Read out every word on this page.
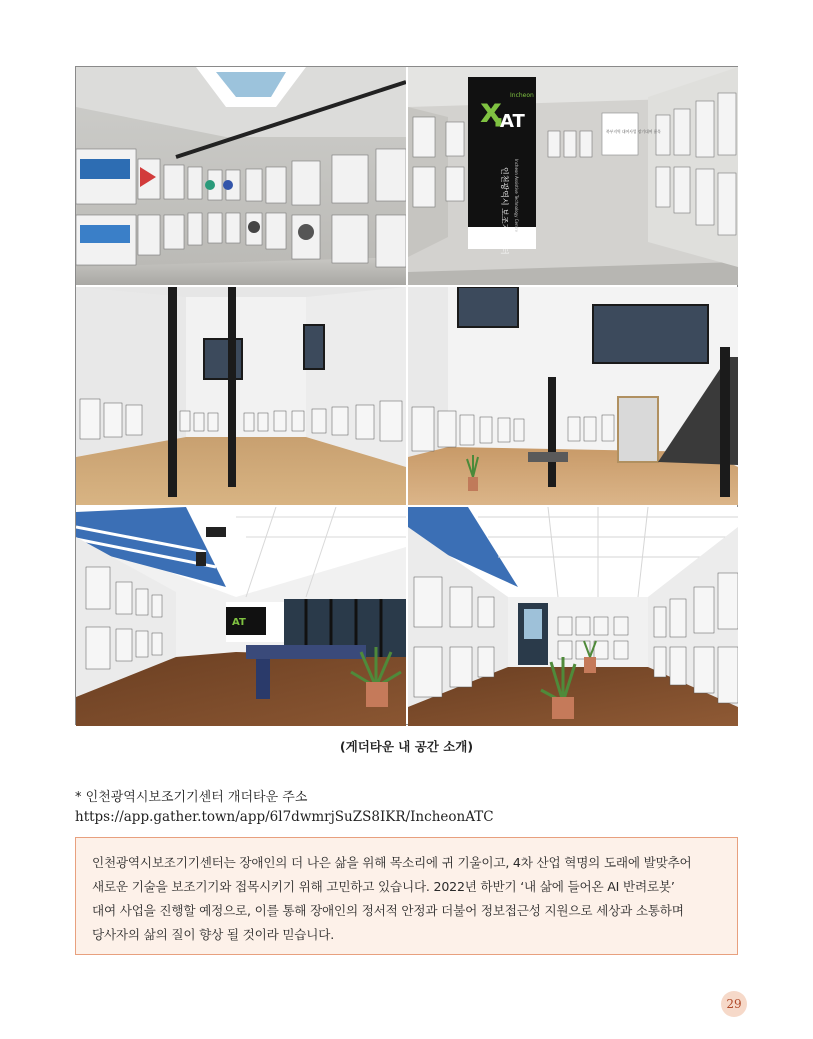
ҳ
AT
Incheon
인천광역시 보조기기센터 Incheon Assistive Technology Centre
북부지역 대여사업 장기대여 품목
AT
(게더타운 내 공간 소개)
* 인천광역시보조기기센터 개더타운 주소
https://app.gather.town/app/6l7dwmrjSuZS8IKR/IncheonATC

인천광역시보조기기센터는 장애인의 더 나은 삶을 위해 목소리에 귀 기울이고, 4차 산업 혁명의 도래에 발맞추어
새로운 기술을 보조기기와 접목시키기 위해 고민하고 있습니다. 2022년 하반기 ‘내 삶에 들어온 AI 반려로봇’
대여 사업을 진행할 예정으로, 이를 통해 장애인의 정서적 안정과 더불어 정보접근성 지원으로 세상과 소통하며
당사자의 삶의 질이 향상 될 것이라 믿습니다.

29
